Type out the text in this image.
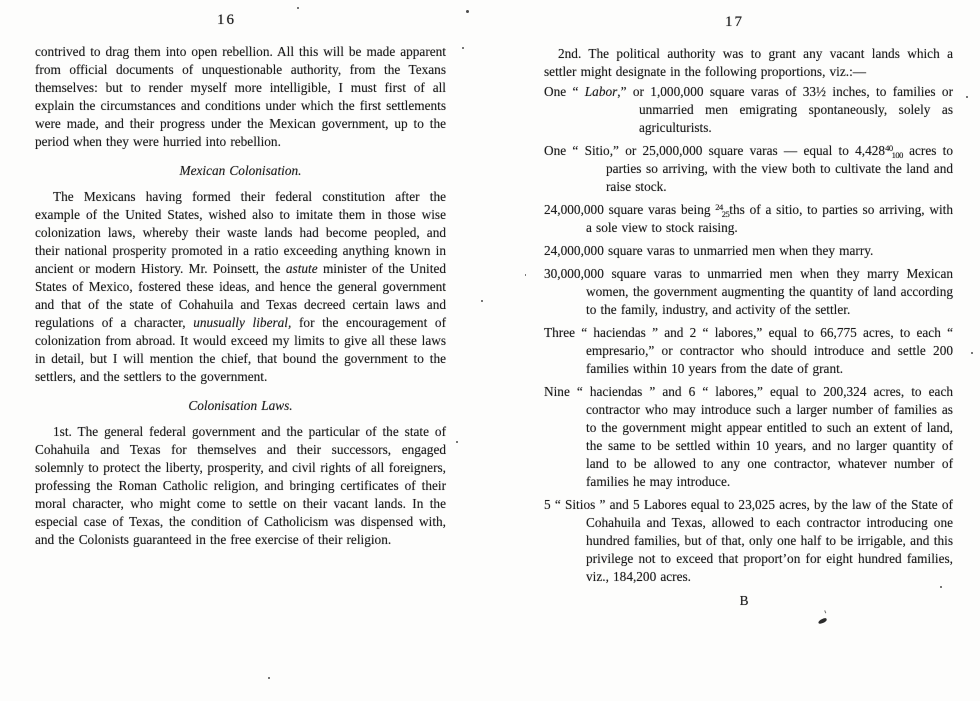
16
contrived to drag them into open rebellion. All this will be made apparent from official documents of unquestionable authority, from the Texans themselves: but to render myself more intelligible, I must first of all explain the circumstances and conditions under which the first settlements were made, and their progress under the Mexican government, up to the period when they were hurried into rebellion.
Mexican Colonisation.
The Mexicans having formed their federal constitution after the example of the United States, wished also to imitate them in those wise colonization laws, whereby their waste lands had become peopled, and their national prosperity promoted in a ratio exceeding anything known in ancient or modern History. Mr. Poinsett, the astute minister of the United States of Mexico, fostered these ideas, and hence the general government and that of the state of Cohahuila and Texas decreed certain laws and regulations of a character, unusually liberal, for the encouragement of colonization from abroad. It would exceed my limits to give all these laws in detail, but I will mention the chief, that bound the government to the settlers, and the settlers to the government.
Colonisation Laws.
1st. The general federal government and the particular of the state of Cohahuila and Texas for themselves and their successors, engaged solemnly to protect the liberty, prosperity, and civil rights of all foreigners, professing the Roman Catholic religion, and bringing certificates of their moral character, who might come to settle on their vacant lands. In the especial case of Texas, the condition of Catholicism was dispensed with, and the Colonists guaranteed in the free exercise of their religion.
17
2nd. The political authority was to grant any vacant lands which a settler might designate in the following proportions, viz.:—
One “ Labor,” or 1,000,000 square varas of 33½ inches, to families or unmarried men emigrating spontaneously, solely as agriculturists.
One “ Sitio,” or 25,000,000 square varas — equal to $4,428^{40}_{100}$ acres to parties so arriving, with the view both to cultivate the land and raise stock.
24,000,000 square varas being $^{24}_{25}$ths of a sitio, to parties so arriving, with a sole view to stock raising.
24,000,000 square varas to unmarried men when they marry.
30,000,000 square varas to unmarried men when they marry Mexican women, the government augmenting the quantity of land according to the family, industry, and activity of the settler.
Three “ haciendas ” and 2 “ labores,” equal to 66,775 acres, to each “ empresario,” or contractor who should introduce and settle 200 families within 10 years from the date of grant.
Nine “ haciendas ” and 6 “ labores,” equal to 200,324 acres, to each contractor who may introduce such a larger number of families as to the government might appear entitled to such an extent of land, the same to be settled within 10 years, and no larger quantity of land to be allowed to any one contractor, whatever number of families he may introduce.
5 “ Sitios ” and 5 Labores equal to 23,025 acres, by the law of the State of Cohahuila and Texas, allowed to each contractor introducing one hundred families, but of that, only one half to be irrigable, and this privilege not to exceed that proport’on for eight hundred families, viz., 184,200 acres.
B
